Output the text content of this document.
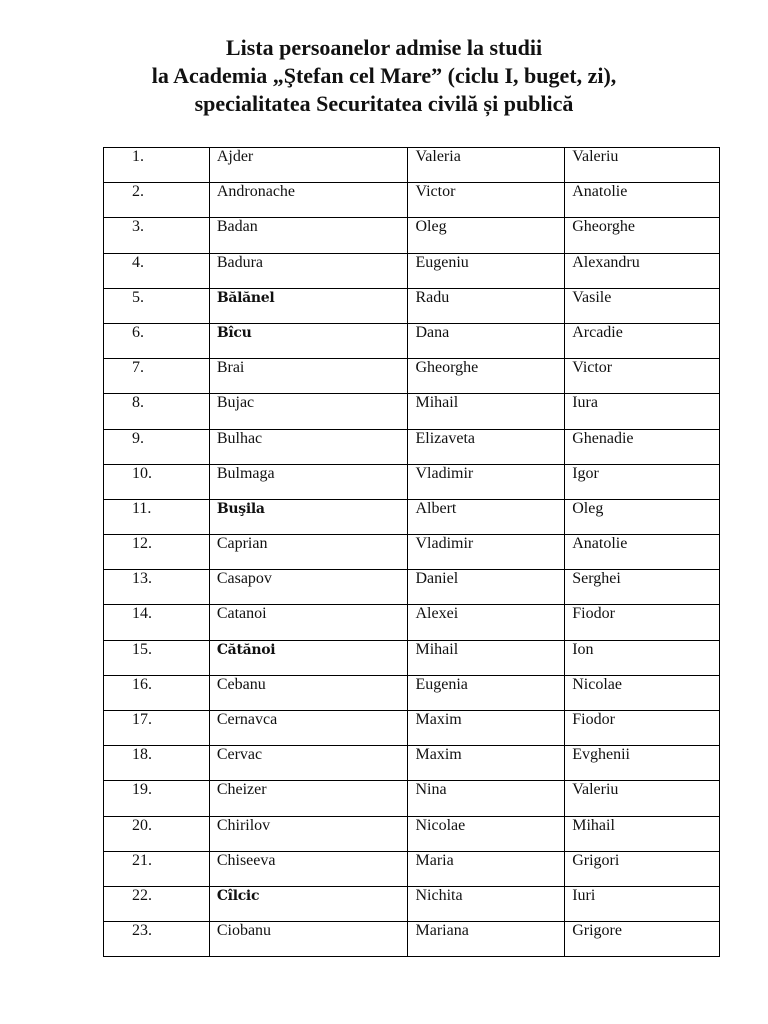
Lista persoanelor admise la studii
la Academia „Ştefan cel Mare” (ciclu I, buget, zi),
specialitatea Securitatea civilă și publică
1.	Ajder	Valeria	Valeriu
2.	Andronache	Victor	Anatolie
3.	Badan	Oleg	Gheorghe
4.	Badura	Eugeniu	Alexandru
5.	Bălănel	Radu	Vasile
6.	Bîcu	Dana	Arcadie
7.	Brai	Gheorghe	Victor
8.	Bujac	Mihail	Iura
9.	Bulhac	Elizaveta	Ghenadie
10.	Bulmaga	Vladimir	Igor
11.	Buşila	Albert	Oleg
12.	Caprian	Vladimir	Anatolie
13.	Casapov	Daniel	Serghei
14.	Catanoi	Alexei	Fiodor
15.	Cătănoi	Mihail	Ion
16.	Cebanu	Eugenia	Nicolae
17.	Cernavca	Maxim	Fiodor
18.	Cervac	Maxim	Evghenii
19.	Cheizer	Nina	Valeriu
20.	Chirilov	Nicolae	Mihail
21.	Chiseeva	Maria	Grigori
22.	Cîlcic	Nichita	Iuri
23.	Ciobanu	Mariana	Grigore
